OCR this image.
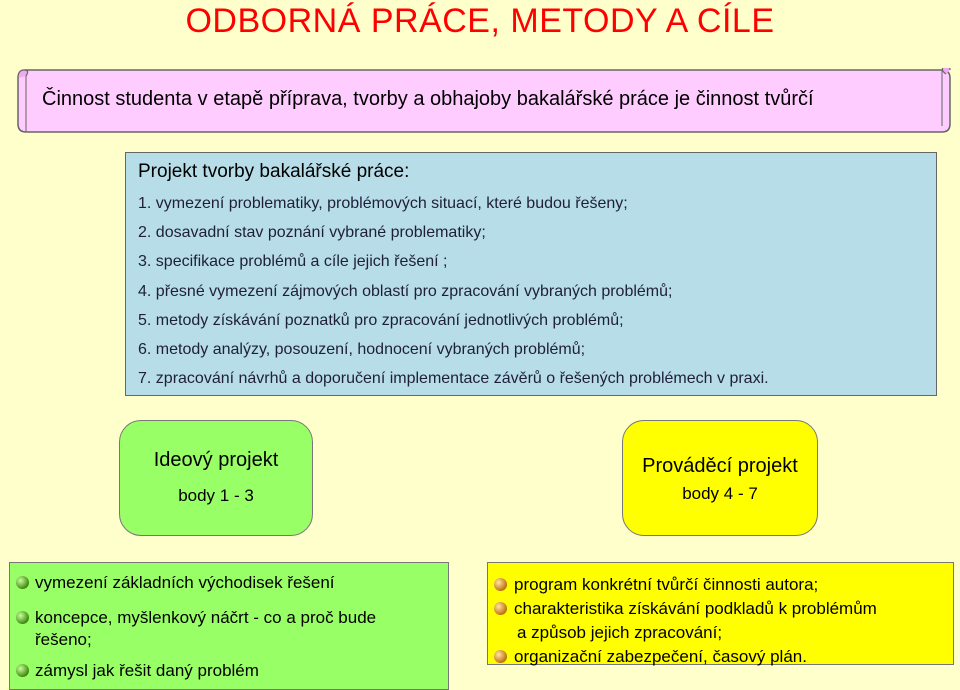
ODBORNÁ PRÁCE, METODY A CÍLE
Činnost studenta v etapě příprava, tvorby a obhajoby bakalářské práce je činnost tvůrčí
Projekt tvorby bakalářské práce:
1. vymezení problematiky, problémových situací, které budou řešeny;
2. dosavadní stav poznání vybrané problematiky;
3. specifikace problémů a cíle jejich řešení ;
4. přesné vymezení zájmových oblastí pro zpracování vybraných problémů;
5. metody získávání poznatků pro zpracování jednotlivých problémů;
6. metody analýzy, posouzení, hodnocení vybraných problémů;
7. zpracování návrhů a doporučení implementace závěrů o řešených problémech v praxi.
Ideový projekt
body 1 - 3
Prováděcí projekt
body 4 - 7
vymezení základních východisek řešení
koncepce, myšlenkový náčrt - co a proč bude
řešeno;
zámysl jak řešit daný problém
program konkrétní tvůrčí činnosti autora;
charakteristika získávání podkladů k problémům
a způsob jejich zpracování;
organizační zabezpečení, časový plán.
